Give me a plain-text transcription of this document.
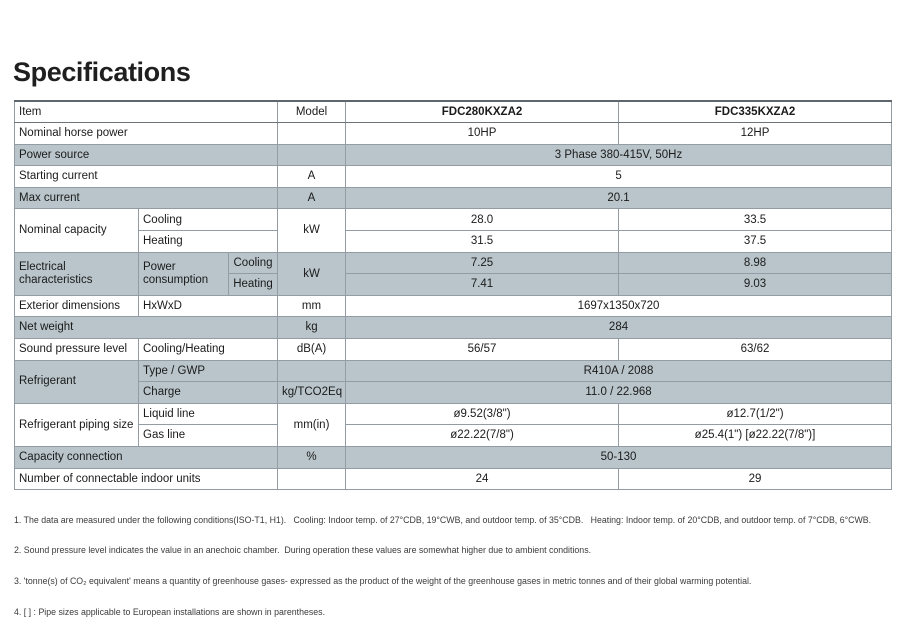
Specifications
Item			Model	FDC280KXZA2	FDC335KXZA2
Nominal horse power				10HP	12HP
Power source				3 Phase 380-415V, 50Hz	
Starting current			A	5	
Max current			A	20.1	
Nominal capacity	Cooling		kW	28.0	33.5
	Heating			31.5	37.5
Electrical characteristics	Power consumption	Cooling	kW	7.25	8.98
		Heating		7.41	9.03
Exterior dimensions	HxWxD		mm	1697x1350x720	
Net weight			kg	284	
Sound pressure level	Cooling/Heating		dB(A)	56/57	63/62
Refrigerant	Type / GWP			R410A / 2088	
	Charge		kg/TCO2Eq	11.0 / 22.968	
Refrigerant piping size	Liquid line		mm(in)	ø9.52(3/8")	ø12.7(1/2")
	Gas line			ø22.22(7/8")	ø25.4(1") [ø22.22(7/8")]
Capacity connection			%	50-130	
Number of connectable indoor units				24	29

1. The data are measured under the following conditions(ISO-T1, H1).   Cooling: Indoor temp. of 27°CDB, 19°CWB, and outdoor temp. of 35°CDB.   Heating: Indoor temp. of 20°CDB, and outdoor temp. of 7°CDB, 6°CWB.

2. Sound pressure level indicates the value in an anechoic chamber.  During operation these values are somewhat higher due to ambient conditions.

3. 'tonne(s) of CO₂ equivalent' means a quantity of greenhouse gases- expressed as the product of the weight of the greenhouse gases in metric tonnes and of their global warming potential.

4. [ ] : Pipe sizes applicable to European installations are shown in parentheses.
